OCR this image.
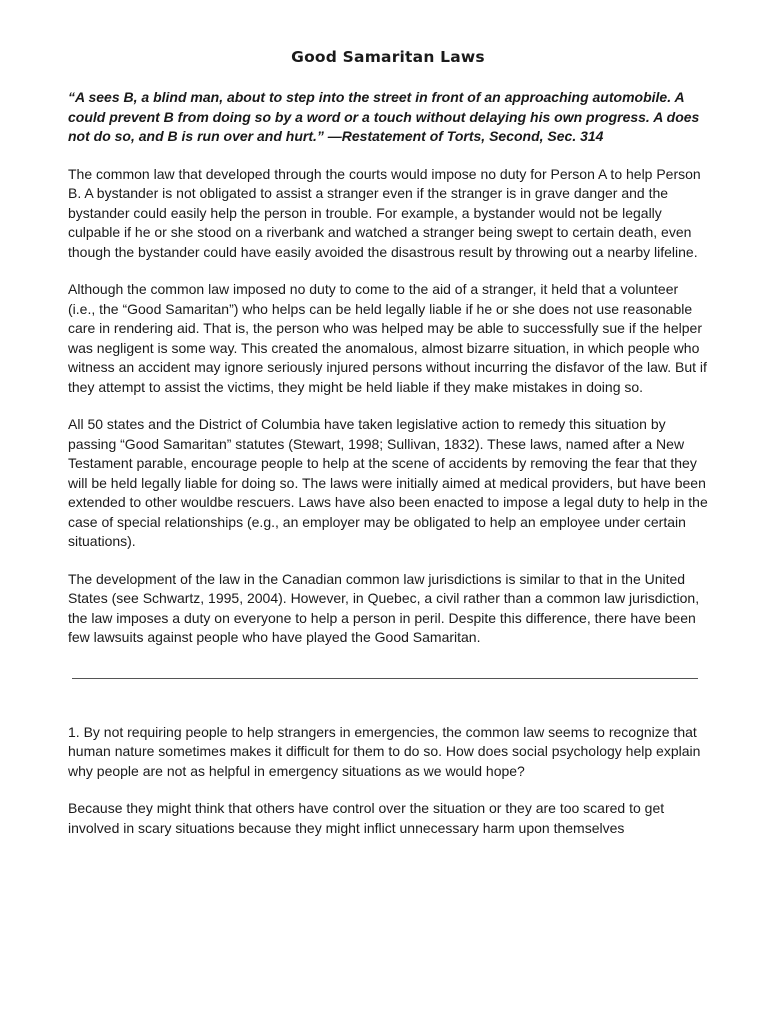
Good Samaritan Laws

“A sees B, a blind man, about to step into the street in front of an approaching automobile. A could prevent B from doing so by a word or a touch without delaying his own progress. A does not do so, and B is run over and hurt.” —Restatement of Torts, Second, Sec. 314

The common law that developed through the courts would impose no duty for Person A to help Person B. A bystander is not obligated to assist a stranger even if the stranger is in grave danger and the bystander could easily help the person in trouble. For example, a bystander would not be legally culpable if he or she stood on a riverbank and watched a stranger being swept to certain death, even though the bystander could have easily avoided the disastrous result by throwing out a nearby lifeline.

Although the common law imposed no duty to come to the aid of a stranger, it held that a volunteer (i.e., the “Good Samaritan”) who helps can be held legally liable if he or she does not use reasonable care in rendering aid. That is, the person who was helped may be able to successfully sue if the helper was negligent is some way. This created the anomalous, almost bizarre situation, in which people who witness an accident may ignore seriously injured persons without incurring the disfavor of the law. But if they attempt to assist the victims, they might be held liable if they make mistakes in doing so.

All 50 states and the District of Columbia have taken legislative action to remedy this situation by passing “Good Samaritan” statutes (Stewart, 1998; Sullivan, 1832). These laws, named after a New Testament parable, encourage people to help at the scene of accidents by removing the fear that they will be held legally liable for doing so. The laws were initially aimed at medical providers, but have been extended to other wouldbe rescuers. Laws have also been enacted to impose a legal duty to help in the case of special relationships (e.g., an employer may be obligated to help an employee under certain situations).

The development of the law in the Canadian common law jurisdictions is similar to that in the United States (see Schwartz, 1995, 2004). However, in Quebec, a civil rather than a common law jurisdiction, the law imposes a duty on everyone to help a person in peril. Despite this difference, there have been few lawsuits against people who have played the Good Samaritan.

1. By not requiring people to help strangers in emergencies, the common law seems to recognize that human nature sometimes makes it difficult for them to do so. How does social psychology help explain why people are not as helpful in emergency situations as we would hope?

Because they might think that others have control over the situation or they are too scared to get involved in scary situations because they might inflict unnecessary harm upon themselves
